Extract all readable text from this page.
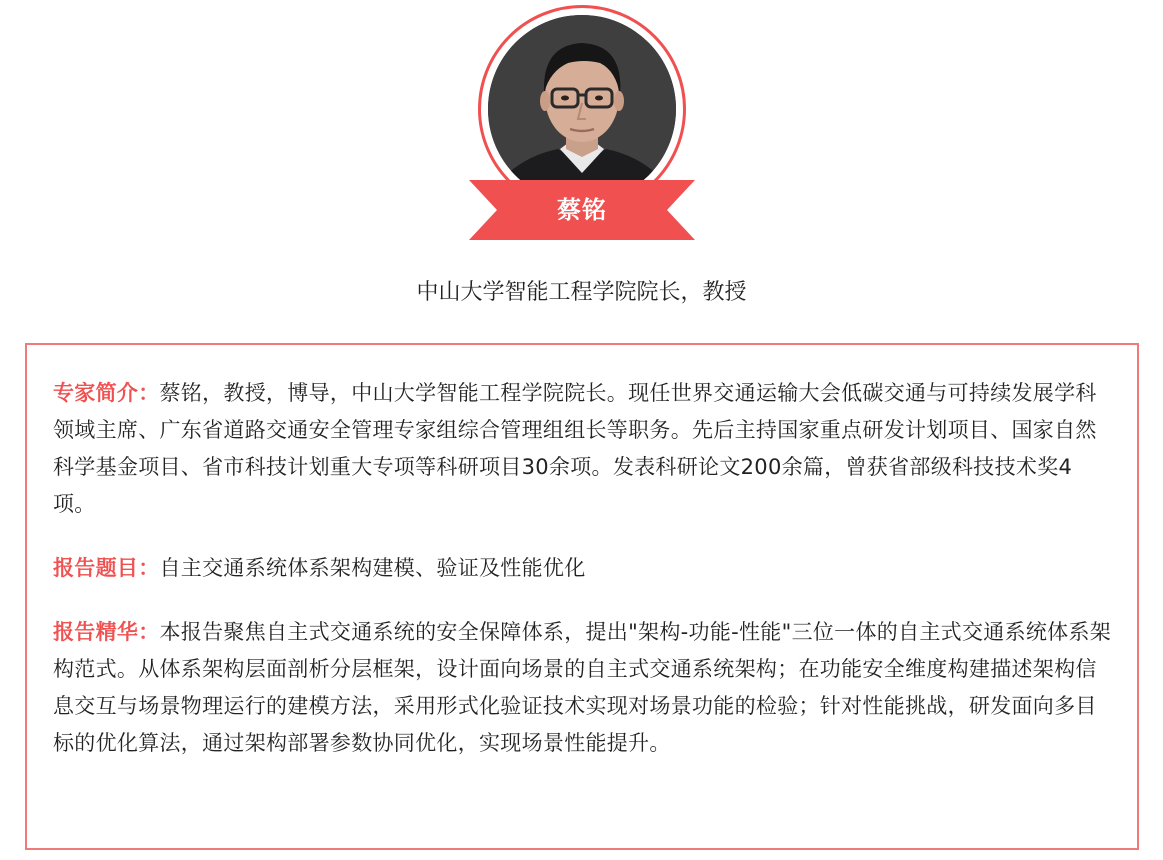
蔡铭
中山大学智能工程学院院长，教授

专家简介：蔡铭，教授，博导，中山大学智能工程学院院长。现任世界交通运输大会低碳交通与可持续发展学科领域主席、广东省道路交通安全管理专家组综合管理组组长等职务。先后主持国家重点研发计划项目、国家自然科学基金项目、省市科技计划重大专项等科研项目30余项。发表科研论文200余篇，曾获省部级科技技术奖4项。

报告题目：自主交通系统体系架构建模、验证及性能优化

报告精华：本报告聚焦自主式交通系统的安全保障体系，提出"架构-功能-性能"三位一体的自主式交通系统体系架构范式。从体系架构层面剖析分层框架，设计面向场景的自主式交通系统架构；在功能安全维度构建描述架构信息交互与场景物理运行的建模方法，采用形式化验证技术实现对场景功能的检验；针对性能挑战，研发面向多目标的优化算法，通过架构部署参数协同优化，实现场景性能提升。
